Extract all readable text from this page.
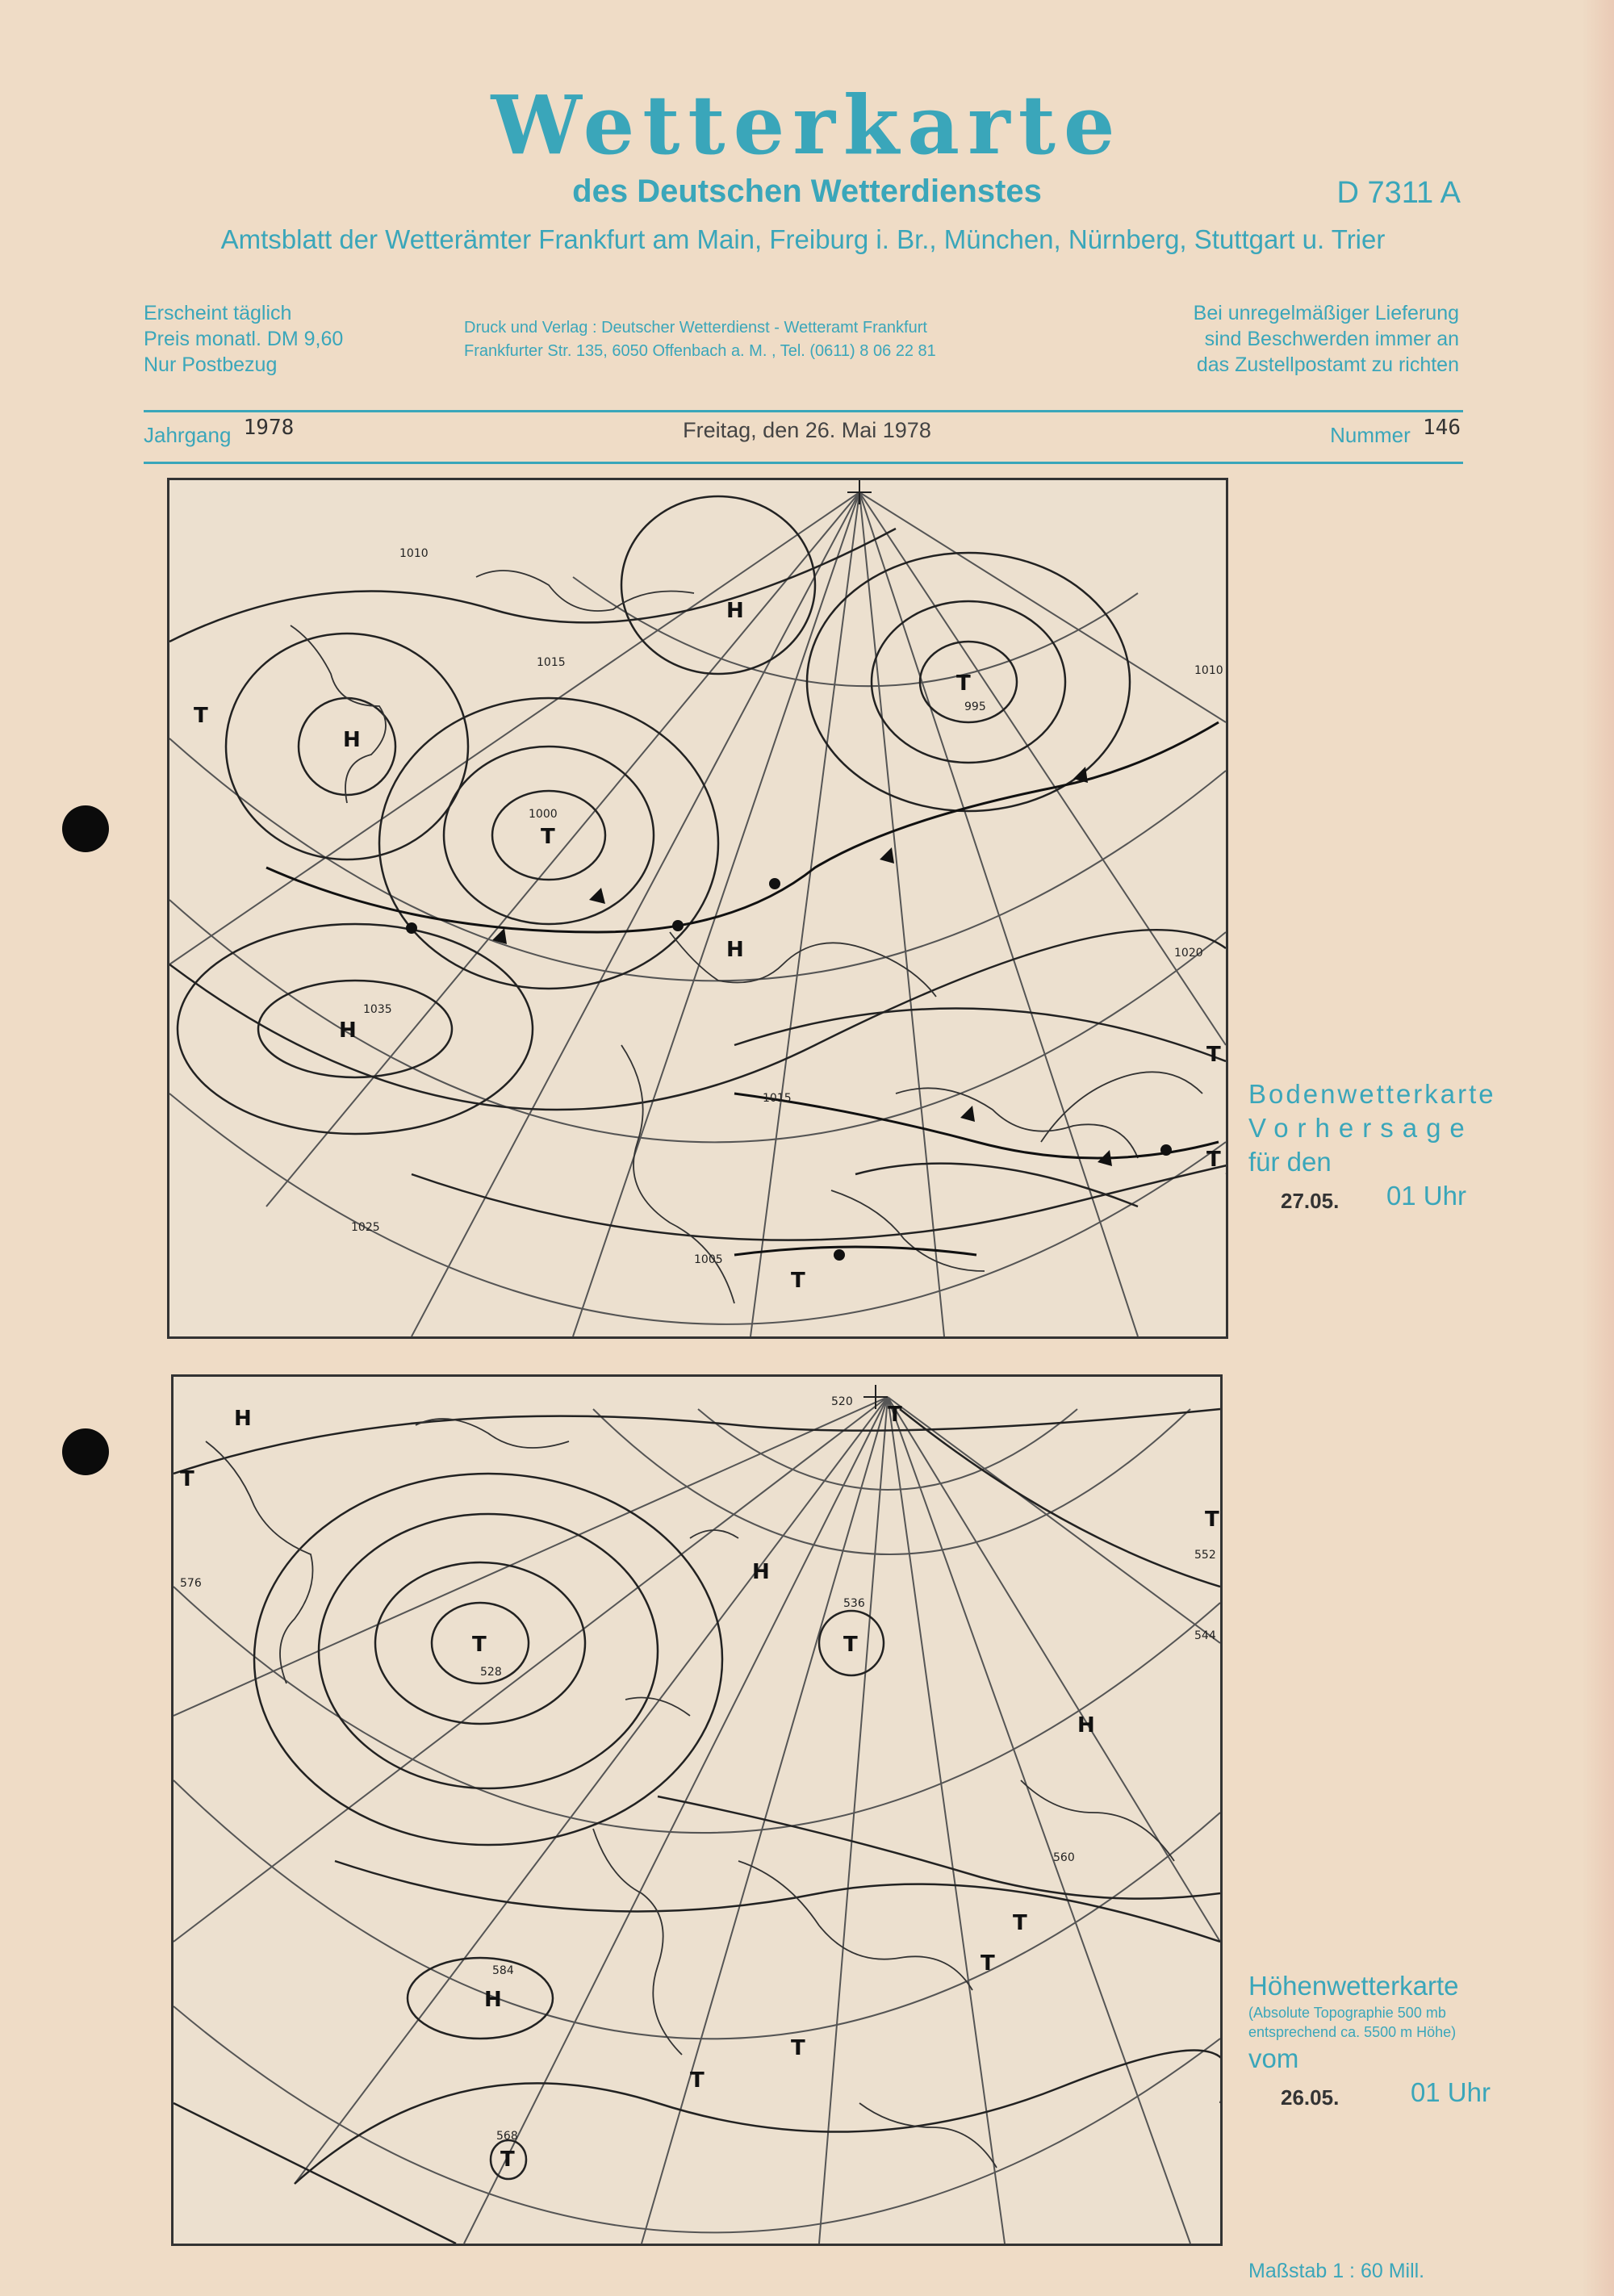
Wetterkarte
des Deutschen Wetterdienstes	D 7311 A
Amtsblatt der Wetterämter Frankfurt am Main, Freiburg i. Br., München, Nürnberg, Stuttgart u. Trier
Erscheint täglich
Preis monatl. DM 9,60
Nur Postbezug
Druck und Verlag : Deutscher Wetterdienst - Wetteramt Frankfurt
Frankfurter Str. 135, 6050 Offenbach a. M. , Tel. (0611) 8 06 22 81
Bei unregelmäßiger Lieferung
sind Beschwerden immer an
das Zustellpostamt zu richten
Jahrgang 1978	Freitag, den 26. Mai 1978	Nummer 146
H
T
T
T
H
H
H
T
T
T
1010
1015
1000
1035
1025
1020
1015
1010
1005
995
Bodenwetterkarte
Vorhersage
für den
27.05. 01 Uhr
H
T
T
H
T	T
H
T
H
T
T
T
T
T
528
520
536
544
552
560
568
576
584	Höhenwetterkarte
(Absolute Topographie 500 mb
entsprechend ca. 5500 m Höhe)
vom
26.05.	01 Uhr
Maßstab 1 : 60 Mill.
